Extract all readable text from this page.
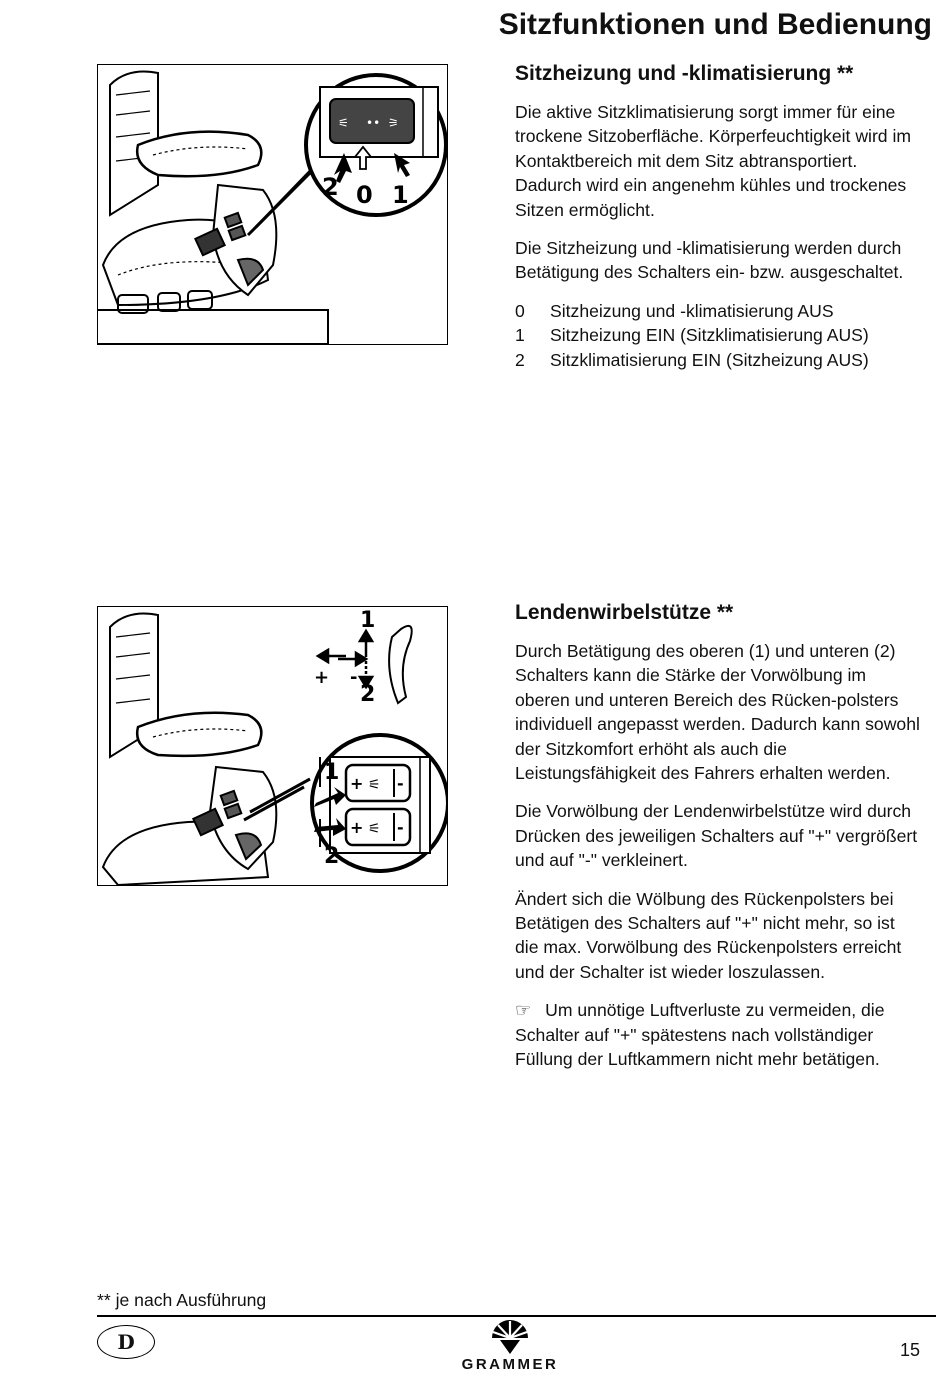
Sitzfunktionen und Bedienung
⚟ •• ⚞
2 0 1
Sitzheizung und -klimatisierung **

Die aktive Sitzklimatisierung sorgt immer für eine trockene Sitzoberfläche. Körperfeuchtigkeit wird im Kontaktbereich mit dem Sitz abtransportiert. Dadurch wird ein angenehm kühles und trockenes Sitzen ermöglicht.

Die Sitzheizung und -klimatisierung werden durch Betätigung des Schalters ein- bzw. ausgeschaltet.

0	Sitzheizung und -klimatisierung AUS
1	Sitzheizung EIN (Sitzklimatisierung AUS)
2	Sitzklimatisierung EIN (Sitzheizung AUS)
1
2
+ -
+ ⚟ -
+ ⚟ -
1
2
Lendenwirbelstütze **

Durch Betätigung des oberen (1) und unteren (2) Schalters kann die Stärke der Vorwölbung im oberen und unteren Bereich des Rücken-polsters individuell angepasst werden. Dadurch kann sowohl der Sitzkomfort erhöht als auch die Leistungsfähigkeit des Fahrers erhalten werden.

Die Vorwölbung der Lendenwirbelstütze wird durch Drücken des jeweiligen Schalters auf "+" vergrößert und auf "-" verkleinert.

Ändert sich die Wölbung des Rückenpolsters bei Betätigen des Schalters auf "+" nicht mehr, so ist die max. Vorwölbung des Rückenpolsters erreicht und der Schalter ist wieder loszulassen.

☞ Um unnötige Luftverluste zu vermeiden, die Schalter auf "+" spätestens nach vollständiger Füllung der Luftkammern nicht mehr betätigen.

** je nach Ausführung
D
GRAMMER
15
